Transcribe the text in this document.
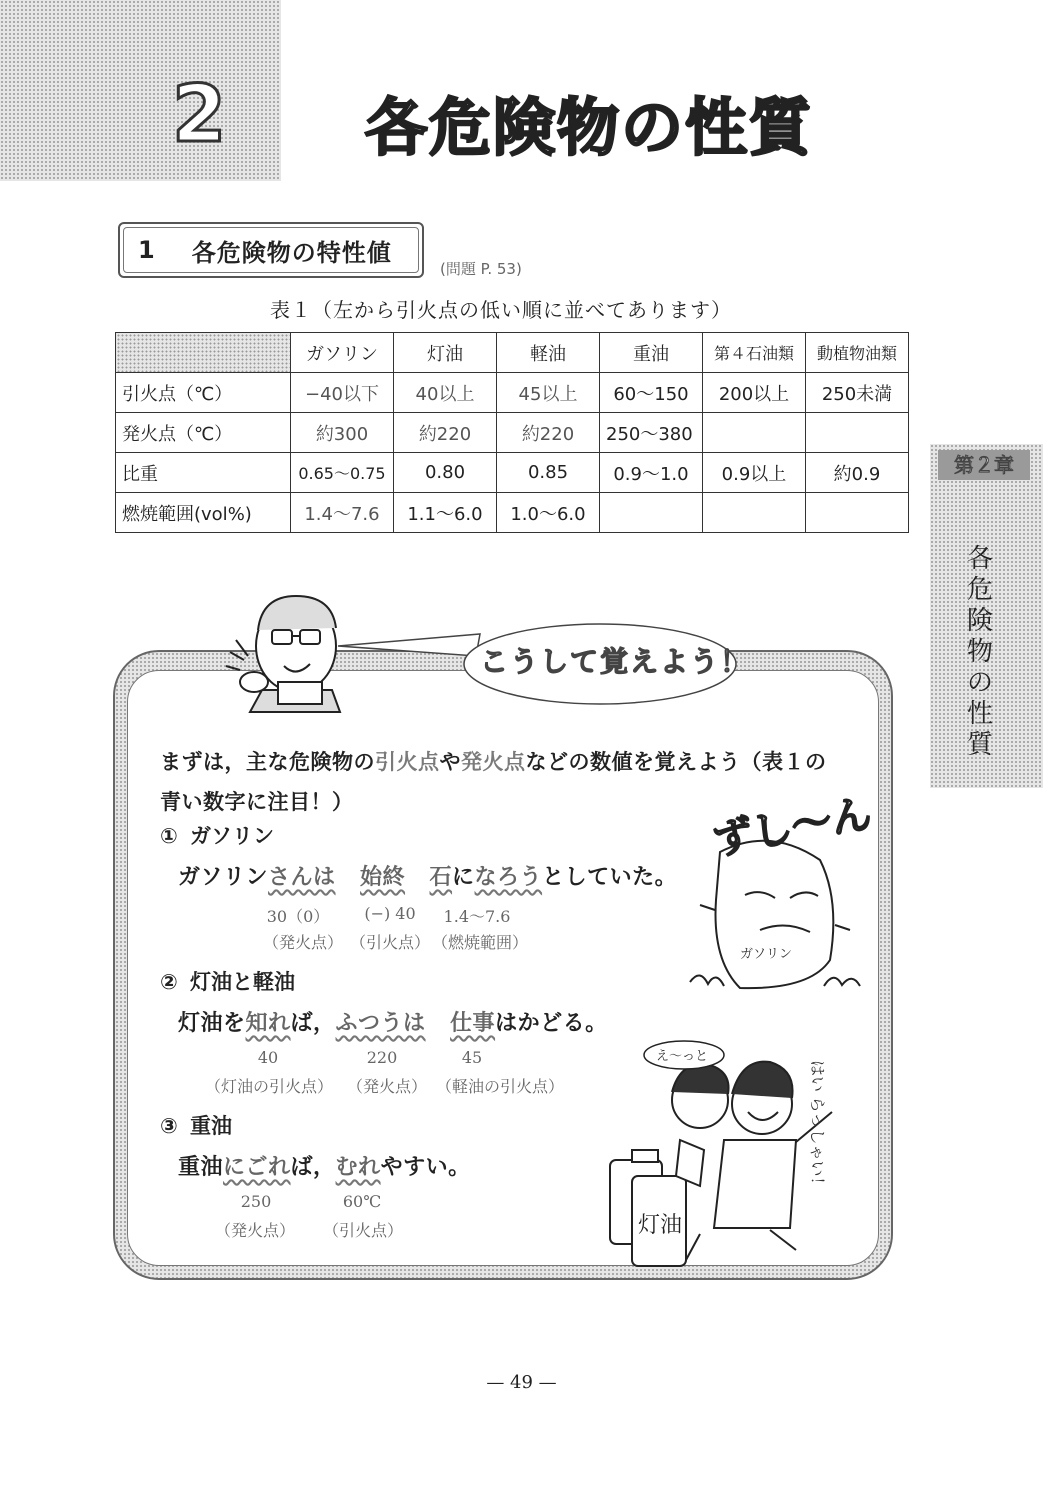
2 各危険物の性質
1 各危険物の特性値
(問題 P. 53)
表１（左から引火点の低い順に並べてあります）
	ガソリン	灯油	軽油	重油	第４石油類	動植物油類
引火点（℃）	−40以下	40以上	45以上	60〜150	200以上	250未満
発火点（℃）	約300	約220	約220	250〜380		
比重	0.65〜0.75	0.80	0.85	0.9〜1.0	0.9以上	約0.9
燃焼範囲(vol%)	1.4〜7.6	1.1〜6.0	1.0〜6.0			
第２章
各
危
険
物
の
性
質
ガソリン
ずし〜ん
灯油
え〜っと
はい らっしゃい！
こうして覚えよう！
まずは，主な危険物の引火点や発火点などの数値を覚えよう（表１の
青い数字に注目！）
① ガソリン
ガソリンさんは 始終 石になろうとしていた。
30（0）	(−) 40	1.4〜7.6
（発火点） （引火点） （燃焼範囲）
② 灯油と軽油
灯油を知れば，ふつうは 仕事はかどる。
40	220	45
（灯油の引火点） （発火点） （軽油の引火点）
③ 重油
重油にごれば，むれやすい。
250	60℃
（発火点）	（引火点）
— 49 —
